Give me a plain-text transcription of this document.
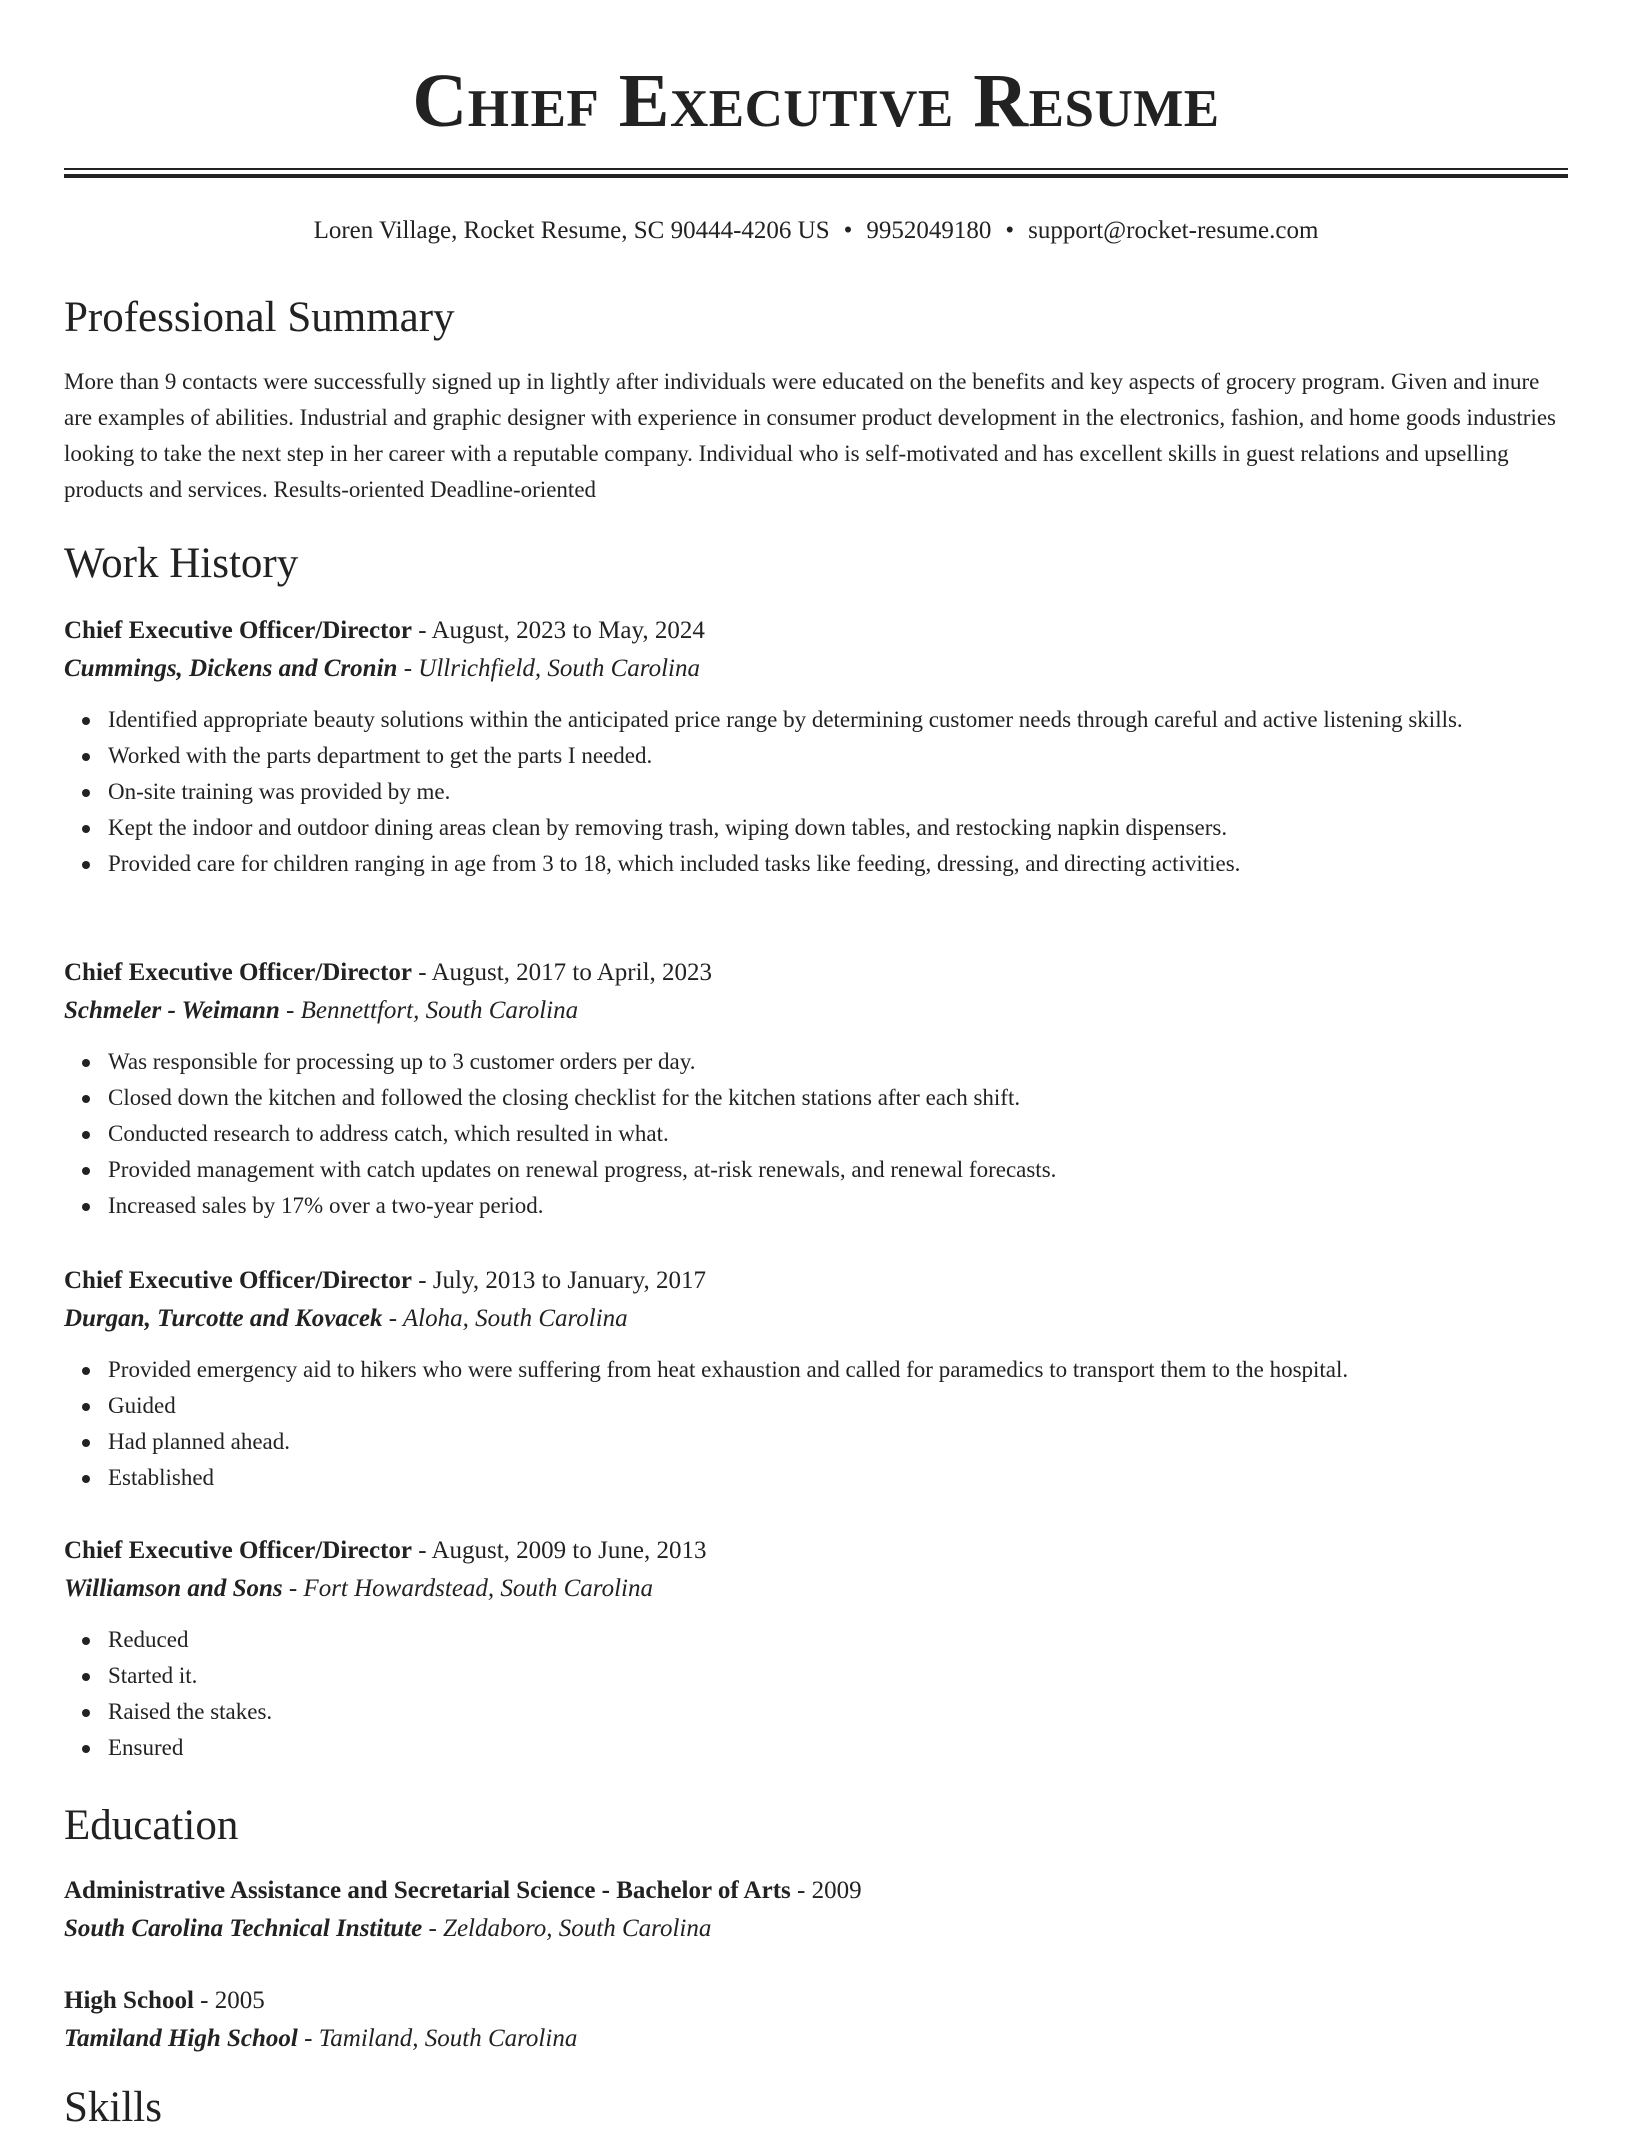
Chief Executive Resume
Loren Village, Rocket Resume, SC 90444-4206 US • 9952049180 • support@rocket-resume.com
Professional Summary

More than 9 contacts were successfully signed up in lightly after individuals were educated on the benefits and key aspects of grocery program. Given and inure are examples of abilities. Industrial and graphic designer with experience in consumer product development in the electronics, fashion, and home goods industries looking to take the next step in her career with a reputable company. Individual who is self-motivated and has excellent skills in guest relations and upselling products and services. Results-oriented Deadline-oriented

Work History

Chief Executive Officer/Director - August, 2023 to May, 2024

Cummings, Dickens and Cronin - Ullrichfield, South Carolina

Identified appropriate beauty solutions within the anticipated price range by determining customer needs through careful and active listening skills.
Worked with the parts department to get the parts I needed.
On-site training was provided by me.
Kept the indoor and outdoor dining areas clean by removing trash, wiping down tables, and restocking napkin dispensers.
Provided care for children ranging in age from 3 to 18, which included tasks like feeding, dressing, and directing activities.

Chief Executive Officer/Director - August, 2017 to April, 2023

Schmeler - Weimann - Bennettfort, South Carolina

Was responsible for processing up to 3 customer orders per day.
Closed down the kitchen and followed the closing checklist for the kitchen stations after each shift.
Conducted research to address catch, which resulted in what.
Provided management with catch updates on renewal progress, at-risk renewals, and renewal forecasts.
Increased sales by 17% over a two-year period.

Chief Executive Officer/Director - July, 2013 to January, 2017

Durgan, Turcotte and Kovacek - Aloha, South Carolina

Provided emergency aid to hikers who were suffering from heat exhaustion and called for paramedics to transport them to the hospital.
Guided
Had planned ahead.
Established

Chief Executive Officer/Director - August, 2009 to June, 2013

Williamson and Sons - Fort Howardstead, South Carolina

Reduced
Started it.
Raised the stakes.
Ensured
Education

Administrative Assistance and Secretarial Science - Bachelor of Arts - 2009

South Carolina Technical Institute - Zeldaboro, South Carolina

High School - 2005

Tamiland High School - Tamiland, South Carolina

Skills
